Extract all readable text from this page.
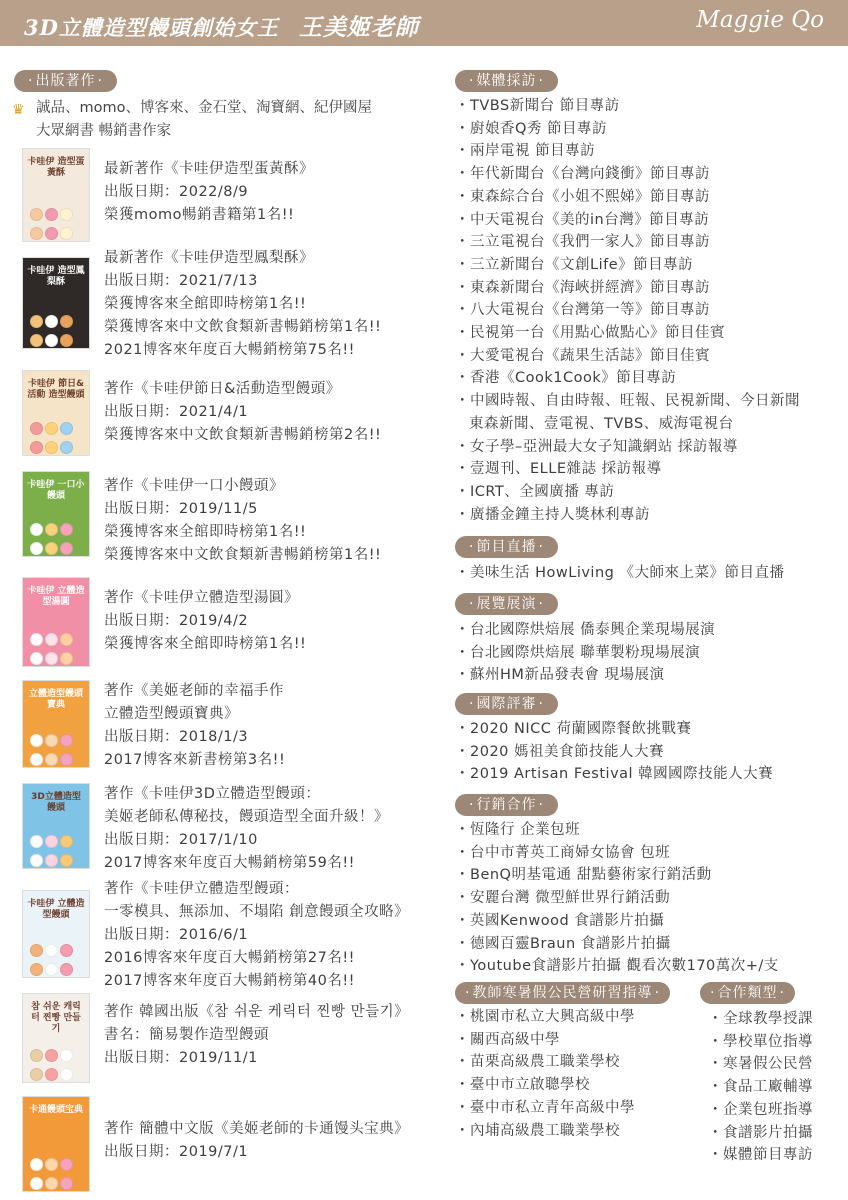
3D立體造型饅頭創始女王 王美姬老師	Maggie Qo
· 出版著作 ·
♛ 誠品、momo、博客來、金石堂、淘寶網、紀伊國屋
大眾網書 暢銷書作家
卡哇伊 造型蛋黃酥	最新著作《卡哇伊造型蛋黃酥》
出版日期：2022/8/9
榮獲momo暢銷書籍第1名!!
卡哇伊 造型鳳梨酥
最新著作《卡哇伊造型鳳梨酥》
出版日期：2021/7/13
榮獲博客來全館即時榜第1名!!
榮獲博客來中文飲食類新書暢銷榜第1名!!
2021博客來年度百大暢銷榜第75名!!
卡哇伊 節日&活動 造型饅頭 著作《卡哇伊節日&活動造型饅頭》
出版日期：2021/4/1
榮獲博客來中文飲食類新書暢銷榜第2名!!
卡哇伊 一口小饅頭
著作《卡哇伊一口小饅頭》
出版日期：2019/11/5
榮獲博客來全館即時榜第1名!!
榮獲博客來中文飲食類新書暢銷榜第1名!!
卡哇伊 立體造型湯圓	著作《卡哇伊立體造型湯圓》
出版日期：2019/4/2
榮獲博客來全館即時榜第1名!!
立體造型饅頭 寶典
著作《美姬老師的幸福手作
立體造型饅頭寶典》
出版日期：2018/1/3
2017博客來新書榜第3名!!
3D立體造型 饅頭
著作《卡哇伊3D立體造型饅頭：
美姬老師私傳秘技，饅頭造型全面升級！》
出版日期：2017/1/10
2017博客來年度百大暢銷榜第59名!!
卡哇伊 立體造型饅頭
著作《卡哇伊立體造型饅頭：
一零模具、無添加、不塌陷 創意饅頭全攻略》
出版日期：2016/6/1
2016博客來年度百大暢銷榜第27名!!
2017博客來年度百大暢銷榜第40名!!
참 쉬운 캐릭터 찐빵 만들기
著作 韓國出版《참 쉬운 케릭터 찐빵 만들기》
書名：簡易製作造型饅頭
出版日期：2019/11/1
卡通饅頭宝典
著作 簡體中文版《美姬老師的卡通馒头宝典》
出版日期：2019/7/1
· 媒體採訪 ·
・ TVBS新聞台 節目專訪
・ 廚娘香Q秀 節目專訪
・ 兩岸電視 節目專訪
・ 年代新聞台《台灣向錢衝》節目專訪
・ 東森綜合台《小姐不熙娣》節目專訪
・ 中天電視台《美的in台灣》節目專訪
・ 三立電視台《我們一家人》節目專訪
・ 三立新聞台《文創Life》節目專訪
・ 東森新聞台《海峽拼經濟》節目專訪
・ 八大電視台《台灣第一等》節目專訪
・ 民視第一台《用點心做點心》節目佳賓
・ 大愛電視台《蔬果生活誌》節目佳賓
・ 香港《Cook1Cook》節目專訪
・ 中國時報、自由時報、旺報、民視新聞、今日新聞
東森新聞、壹電視、TVBS、威海電視台
・ 女子學–亞洲最大女子知識網站 採訪報導
・ 壹週刊、ELLE雜誌 採訪報導
・ ICRT、全國廣播 專訪
・ 廣播金鐘主持人獎林利專訪
· 節目直播 ·
・ 美味生活 HowLiving 《大師來上菜》節目直播
· 展覽展演 ·
・ 台北國際烘焙展 僑泰興企業現場展演
・ 台北國際烘焙展 聯華製粉現場展演
・ 蘇州HM新品發表會 現場展演
· 國際評審 ·
・ 2020 NICC 荷蘭國際餐飲挑戰賽
・ 2020 媽祖美食節技能人大賽
・ 2019 Artisan Festival 韓國國際技能人大賽
· 行銷合作 ·
・ 恆隆行 企業包班
・ 台中市菁英工商婦女協會 包班
・ BenQ明基電通 甜點藝術家行銷活動
・ 安麗台灣 微型鮮世界行銷活動
・ 英國Kenwood 食譜影片拍攝
・ 德國百靈Braun 食譜影片拍攝
・ Youtube食譜影片拍攝 觀看次數170萬次+/支
· 教師寒暑假公民營研習指導 ·
・ 桃園市私立大興高級中學
・ 關西高級中學
・ 苗栗高級農工職業學校
・ 臺中市立啟聰學校
・ 臺中市私立青年高級中學
・ 內埔高級農工職業學校
· 合作類型 ·
・ 全球教學授課
・ 學校單位指導
・ 寒暑假公民營
・ 食品工廠輔導
・ 企業包班指導
・ 食譜影片拍攝
・ 媒體節目專訪
